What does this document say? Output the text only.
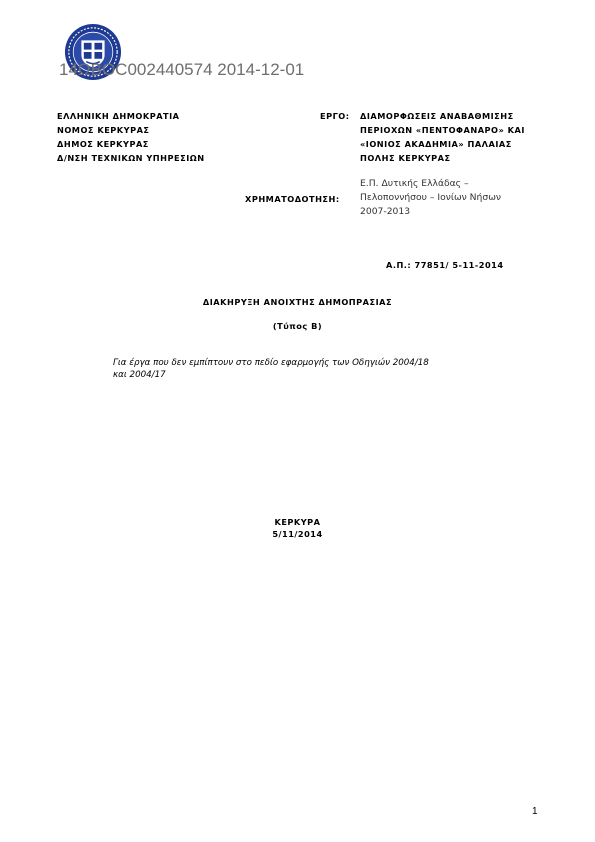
14ΩΒΟC002440574 2014-12-01
ΕΛΛΗΝΙΚΗ ΔΗΜΟΚΡΑΤΙΑ
ΝΟΜΟΣ ΚΕΡΚΥΡΑΣ
ΔΗΜΟΣ ΚΕΡΚΥΡΑΣ
Δ/ΝΣΗ ΤΕΧΝΙΚΩΝ ΥΠΗΡΕΣΙΩΝ
ΕΡΓΟ: ΔΙΑΜΟΡΦΩΣΕΙΣ ΑΝΑΒΑΘΜΙΣΗΣ
ΠΕΡΙΟΧΩΝ «ΠΕΝΤΟΦΑΝΑΡΟ» ΚΑΙ
«ΙΟΝΙΟΣ ΑΚΑΔΗΜΙΑ» ΠΑΛΑΙΑΣ
ΠΟΛΗΣ ΚΕΡΚΥΡΑΣ
ΧΡΗΜΑΤΟΔΟΤΗΣΗ:
Ε.Π. Δυτικής Ελλάδας –
Πελοποννήσου – Ιονίων Νήσων
2007-2013
Α.Π.: 77851/ 5-11-2014
ΔΙΑΚΗΡΥΞΗ ΑΝΟΙΧΤΗΣ ΔΗΜΟΠΡΑΣΙΑΣ
(Τύπος Β)
Για έργα που δεν εμπίπτουν στο πεδίο εφαρμογής των Οδηγιών 2004/18
και 2004/17
ΚΕΡΚΥΡΑ
5/11/2014
1
